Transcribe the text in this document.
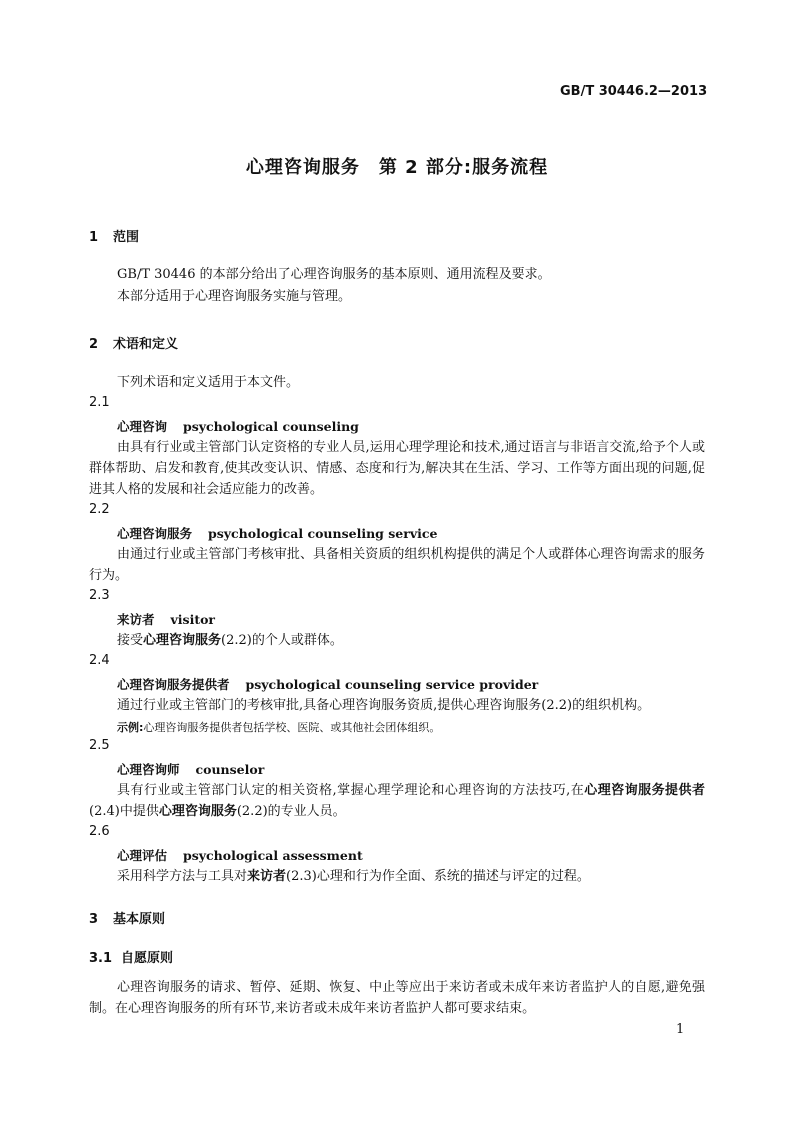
GB/T 30446.2—2013
心理咨询服务　第 2 部分:服务流程
1 范围
GB/T 30446 的本部分给出了心理咨询服务的基本原则、通用流程及要求。
本部分适用于心理咨询服务实施与管理。
2 术语和定义
下列术语和定义适用于本文件。
2.1
心理咨询 psychological counseling
由具有行业或主管部门认定资格的专业人员,运用心理学理论和技术,通过语言与非语言交流,给予个人或群体帮助、启发和教育,使其改变认识、情感、态度和行为,解决其在生活、学习、工作等方面出现的问题,促进其人格的发展和社会适应能力的改善。
2.2
心理咨询服务 psychological counseling service
由通过行业或主管部门考核审批、具备相关资质的组织机构提供的满足个人或群体心理咨询需求的服务行为。
2.3
来访者 visitor
接受心理咨询服务(2.2)的个人或群体。
2.4
心理咨询服务提供者 psychological counseling service provider
通过行业或主管部门的考核审批,具备心理咨询服务资质,提供心理咨询服务(2.2)的组织机构。
示例:心理咨询服务提供者包括学校、医院、或其他社会团体组织。
2.5
心理咨询师 counselor
具有行业或主管部门认定的相关资格,掌握心理学理论和心理咨询的方法技巧,在心理咨询服务提供者(2.4)中提供心理咨询服务(2.2)的专业人员。
2.6
心理评估 psychological assessment
采用科学方法与工具对来访者(2.3)心理和行为作全面、系统的描述与评定的过程。
3 基本原则
3.1 自愿原则
心理咨询服务的请求、暂停、延期、恢复、中止等应出于来访者或未成年来访者监护人的自愿,避免强制。在心理咨询服务的所有环节,来访者或未成年来访者监护人都可要求结束。
1
